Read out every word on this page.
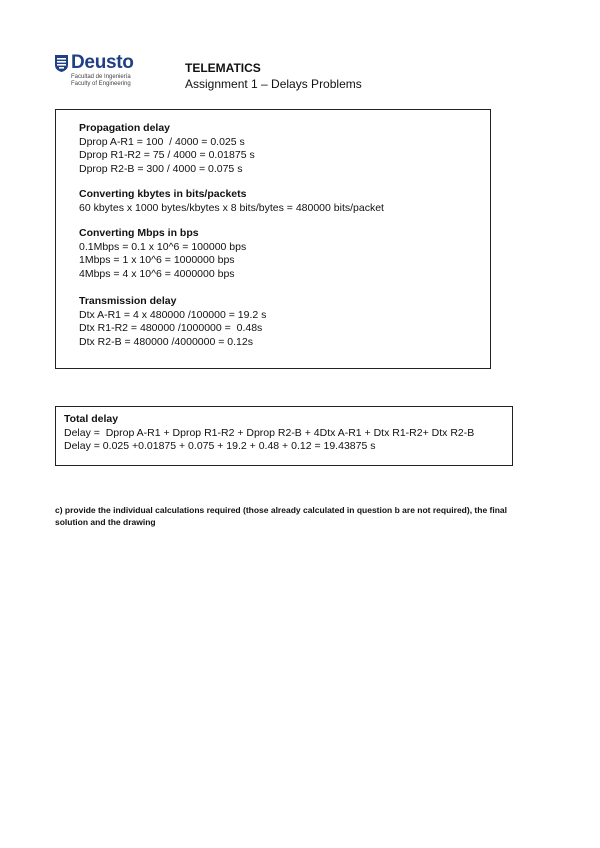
Deusto
Facultad de Ingeniería
Faculty of Engineering
TELEMATICS
Assignment 1 – Delays Problems
Propagation delay
Dprop A-R1 = 100  / 4000 = 0.025 s
Dprop R1-R2 = 75 / 4000 = 0.01875 s
Dprop R2-B = 300 / 4000 = 0.075 s
Converting kbytes in bits/packets
60 kbytes x 1000 bytes/kbytes x 8 bits/bytes = 480000 bits/packet
Converting Mbps in bps
0.1Mbps = 0.1 x 10^6 = 100000 bps
1Mbps = 1 x 10^6 = 1000000 bps
4Mbps = 4 x 10^6 = 4000000 bps
Transmission delay
Dtx A-R1 = 4 x 480000 /100000 = 19.2 s
Dtx R1-R2 = 480000 /1000000 =  0.48s
Dtx R2-B = 480000 /4000000 = 0.12s
Total delay
Delay =  Dprop A-R1 + Dprop R1-R2 + Dprop R2-B + 4Dtx A-R1 + Dtx R1-R2+ Dtx R2-B
Delay = 0.025 +0.01875 + 0.075 + 19.2 + 0.48 + 0.12 = 19.43875 s
c) provide the individual calculations required (those already calculated in question b are not required), the final solution and the drawing
